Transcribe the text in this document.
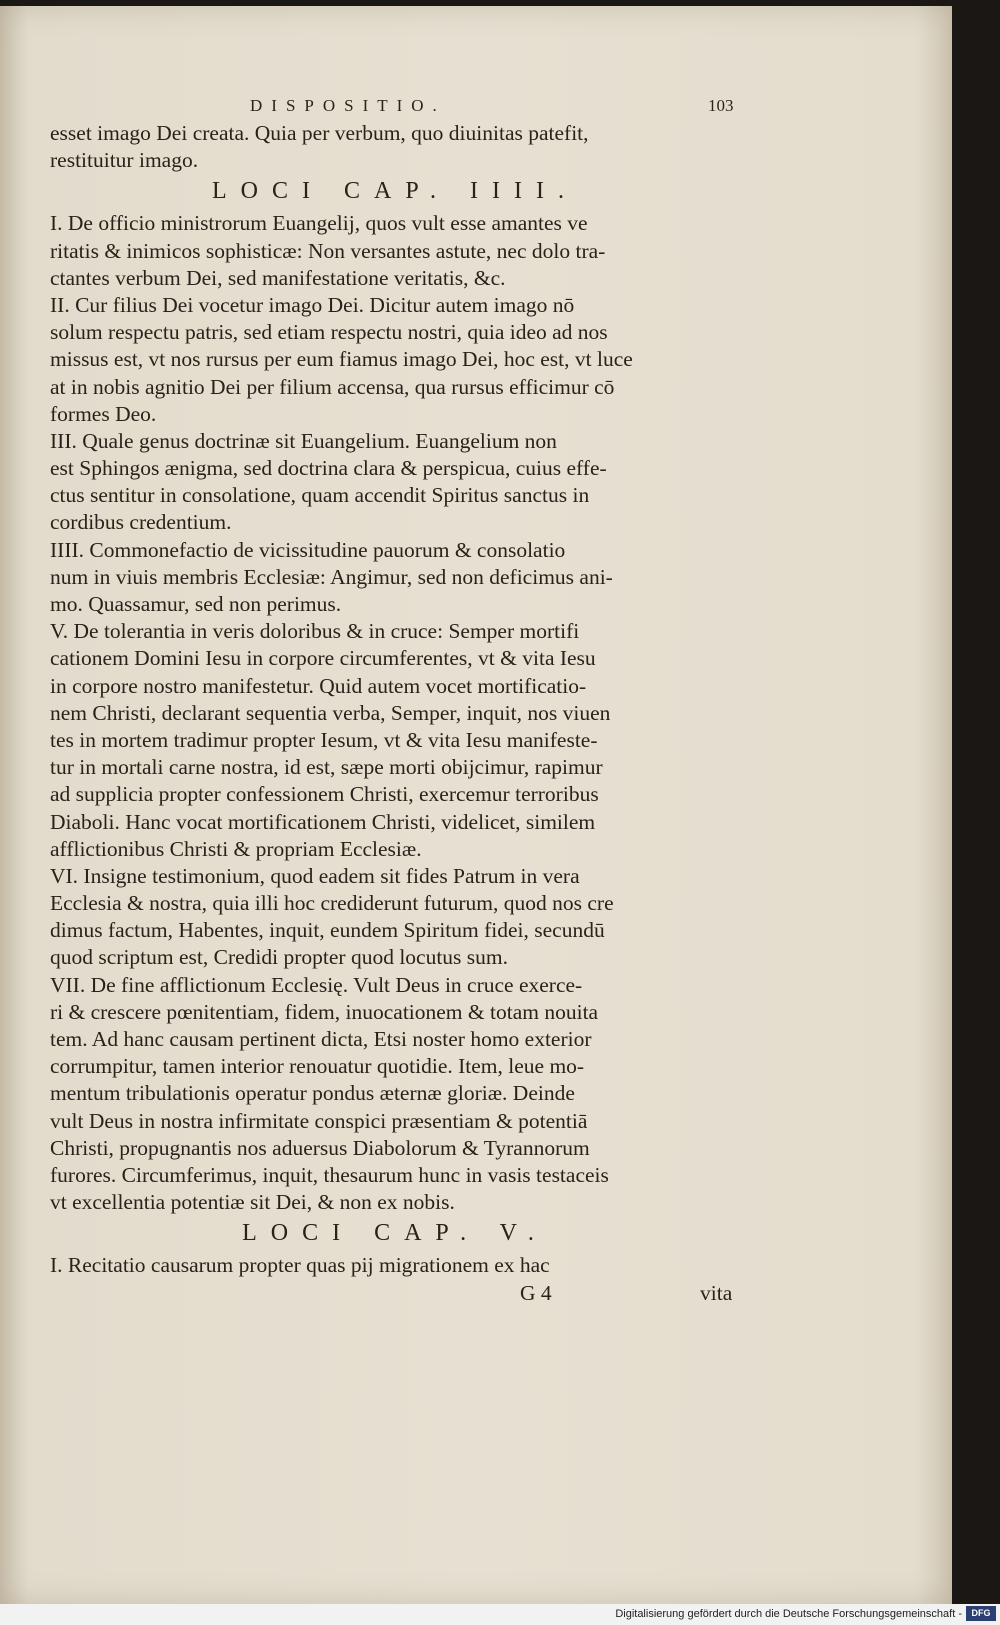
DISPOSITIO.	103
esset imago Dei creata. Quia per verbum, quo diuinitas patefit,
restituitur imago.
LOCI CAP. IIII.
I. De officio ministrorum Euangelij, quos vult esse amantes ve
ritatis & inimicos sophisticæ: Non versantes astute, nec dolo tra-
ctantes verbum Dei, sed manifestatione veritatis, &c.
II. Cur filius Dei vocetur imago Dei. Dicitur autem imago nō
solum respectu patris, sed etiam respectu nostri, quia ideo ad nos
missus est, vt nos rursus per eum fiamus imago Dei, hoc est, vt luce
at in nobis agnitio Dei per filium accensa, qua rursus efficimur cō
formes Deo.
III. Quale genus doctrinæ sit Euangelium. Euangelium non
est Sphingos ænigma, sed doctrina clara & perspicua, cuius effe-
ctus sentitur in consolatione, quam accendit Spiritus sanctus in
cordibus credentium.
IIII. Commonefactio de vicissitudine pauorum & consolatio
num in viuis membris Ecclesiæ: Angimur, sed non deficimus ani-
mo. Quassamur, sed non perimus.
V. De tolerantia in veris doloribus & in cruce: Semper mortifi
cationem Domini Iesu in corpore circumferentes, vt & vita Iesu
in corpore nostro manifestetur. Quid autem vocet mortificatio-
nem Christi, declarant sequentia verba, Semper, inquit, nos viuen
tes in mortem tradimur propter Iesum, vt & vita Iesu manifeste-
tur in mortali carne nostra, id est, sæpe morti obijcimur, rapimur
ad supplicia propter confessionem Christi, exercemur terroribus
Diaboli. Hanc vocat mortificationem Christi, videlicet, similem
afflictionibus Christi & propriam Ecclesiæ.
VI. Insigne testimonium, quod eadem sit fides Patrum in vera
Ecclesia & nostra, quia illi hoc crediderunt futurum, quod nos cre
dimus factum, Habentes, inquit, eundem Spiritum fidei, secundū
quod scriptum est, Credidi propter quod locutus sum.
VII. De fine afflictionum Ecclesię. Vult Deus in cruce exerce-
ri & crescere pœnitentiam, fidem, inuocationem & totam nouita
tem. Ad hanc causam pertinent dicta, Etsi noster homo exterior
corrumpitur, tamen interior renouatur quotidie. Item, leue mo-
mentum tribulationis operatur pondus æternæ gloriæ. Deinde
vult Deus in nostra infirmitate conspici præsentiam & potentiā
Christi, propugnantis nos aduersus Diabolorum & Tyrannorum
furores. Circumferimus, inquit, thesaurum hunc in vasis testaceis
vt excellentia potentiæ sit Dei, & non ex nobis.
LOCI CAP. V.
I. Recitatio causarum propter quas pij migrationem ex hac
G 4	vita
Digitalisierung gefördert durch die Deutsche Forschungsgemeinschaft -	DFG
